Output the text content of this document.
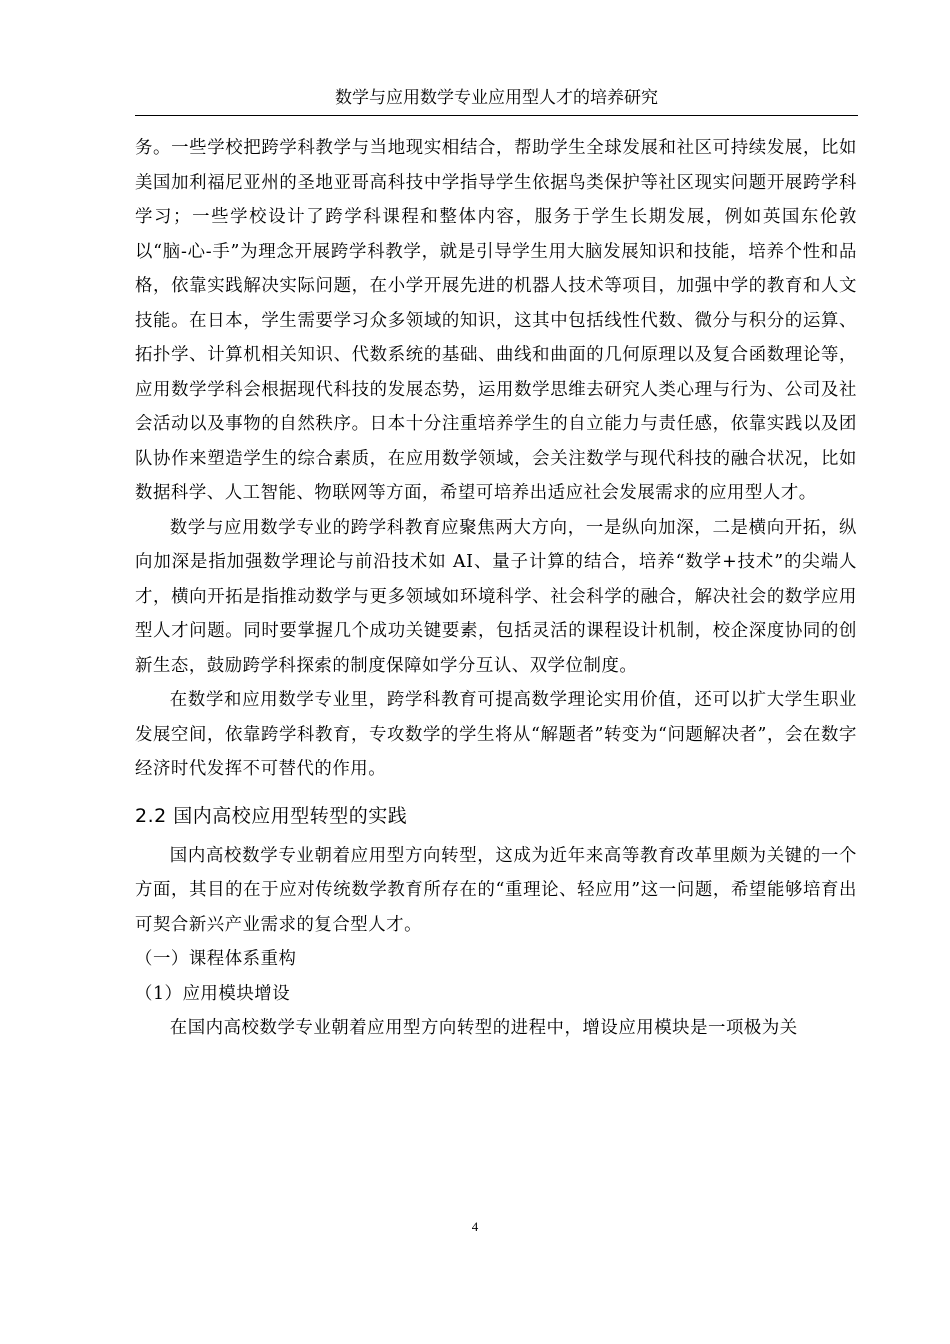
数学与应用数学专业应用型人才的培养研究

务。一些学校把跨学科教学与当地现实相结合，帮助学生全球发展和社区可持续发展，比如美国加利福尼亚州的圣地亚哥高科技中学指导学生依据鸟类保护等社区现实问题开展跨学科学习；一些学校设计了跨学科课程和整体内容，服务于学生长期发展，例如英国东伦敦以“脑-心-手”为理念开展跨学科教学，就是引导学生用大脑发展知识和技能，培养个性和品格，依靠实践解决实际问题，在小学开展先进的机器人技术等项目，加强中学的教育和人文技能。在日本，学生需要学习众多领域的知识，这其中包括线性代数、微分与积分的运算、拓扑学、计算机相关知识、代数系统的基础、曲线和曲面的几何原理以及复合函数理论等，应用数学学科会根据现代科技的发展态势，运用数学思维去研究人类心理与行为、公司及社会活动以及事物的自然秩序。日本十分注重培养学生的自立能力与责任感，依靠实践以及团队协作来塑造学生的综合素质，在应用数学领域，会关注数学与现代科技的融合状况，比如数据科学、人工智能、物联网等方面，希望可培养出适应社会发展需求的应用型人才。

数学与应用数学专业的跨学科教育应聚焦两大方向，一是纵向加深，二是横向开拓，纵向加深是指加强数学理论与前沿技术如 AI、量子计算的结合，培养“数学+技术”的尖端人才，横向开拓是指推动数学与更多领域如环境科学、社会科学的融合，解决社会的数学应用型人才问题。同时要掌握几个成功关键要素，包括灵活的课程设计机制，校企深度协同的创新生态，鼓励跨学科探索的制度保障如学分互认、双学位制度。

在数学和应用数学专业里，跨学科教育可提高数学理论实用价值，还可以扩大学生职业发展空间，依靠跨学科教育，专攻数学的学生将从“解题者”转变为“问题解决者”，会在数字经济时代发挥不可替代的作用。

2.2 国内高校应用型转型的实践

国内高校数学专业朝着应用型方向转型，这成为近年来高等教育改革里颇为关键的一个方面，其目的在于应对传统数学教育所存在的“重理论、轻应用”这一问题，希望能够培育出可契合新兴产业需求的复合型人才。

（一）课程体系重构

（1）应用模块增设

在国内高校数学专业朝着应用型方向转型的进程中，增设应用模块是一项极为关

4
